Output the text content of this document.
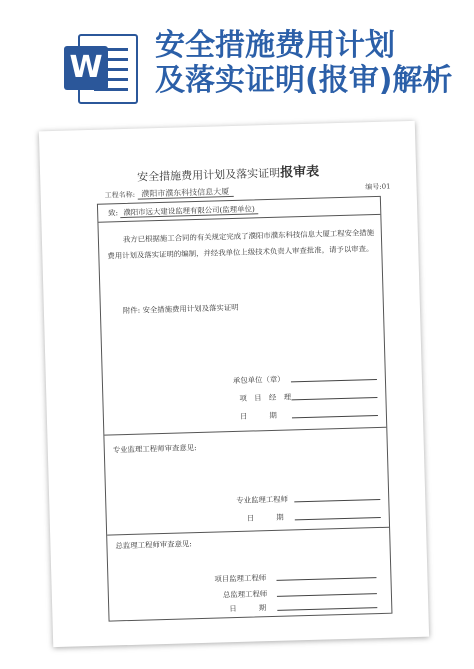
W
安全措施费用计划
及落实证明(报审)解析
安全措施费用计划及落实证明报审表
工程名称: 濮阳市濮东科技信息大厦
编号:01
致: 濮阳市远大建设监理有限公司(监理单位)
我方已根据施工合同的有关规定完成了濮阳市濮东科技信息大厦工程安全措施费用计划及落实证明的编制，并经我单位上级技术负责人审查批准，请予以审查。
附件: 安全措施费用计划及落实证明
承包单位（章）
项　目　经　理
日　　　期
专业监理工程师审查意见:
专业监理工程师
日　　　期
总监理工程师审查意见:
项目监理工程师
总监理工程师
日　　　期
